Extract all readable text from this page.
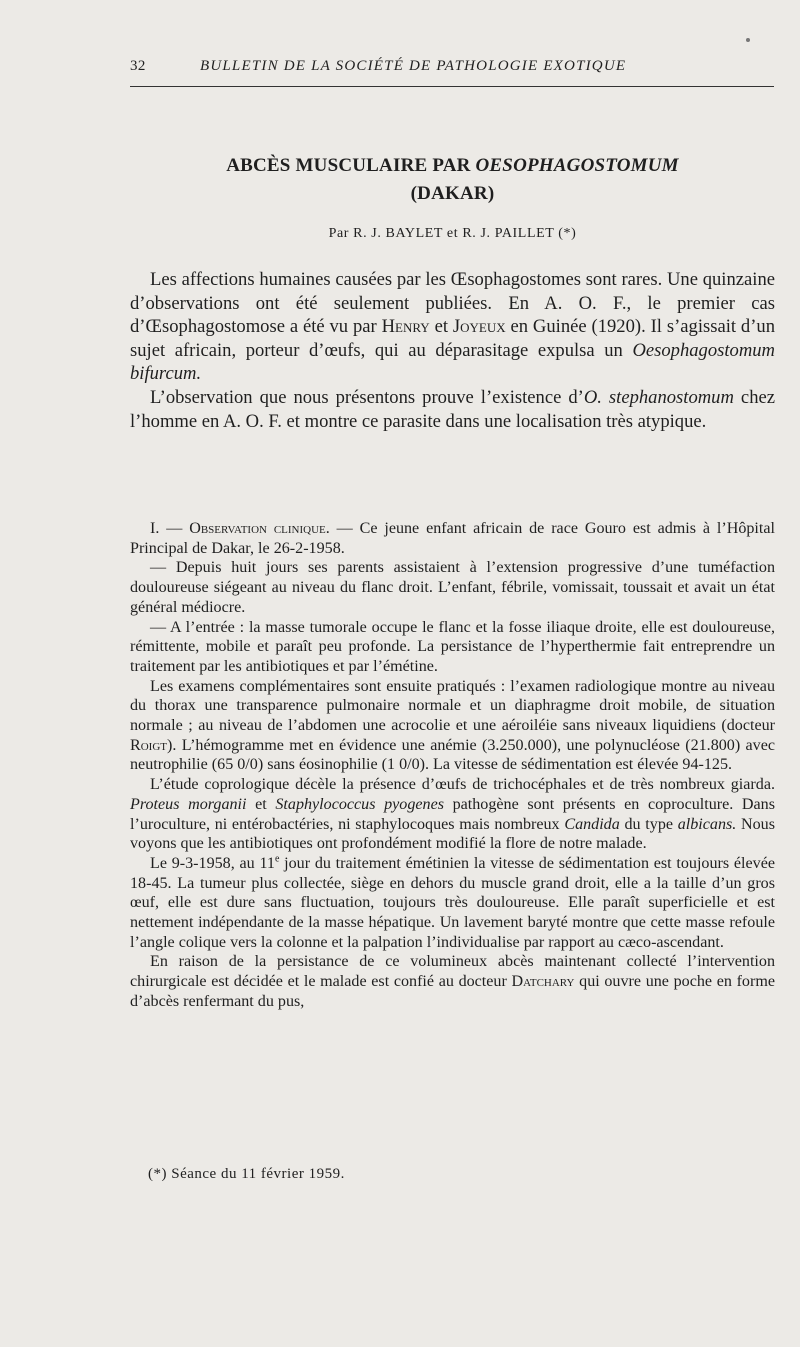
32	BULLETIN DE LA SOCIÉTÉ DE PATHOLOGIE EXOTIQUE
ABCÈS MUSCULAIRE PAR OESOPHAGOSTOMUM
(DAKAR)
Par R. J. BAYLET et R. J. PAILLET (*)

Les affections humaines causées par les Œsophagostomes sont rares. Une quinzaine d’observations ont été seulement publiées. En A. O. F., le premier cas d’Œsophagostomose a été vu par Henry et Joyeux en Guinée (1920). Il s’agissait d’un sujet africain, porteur d’œufs, qui au déparasitage expulsa un Oesophagostomum bifurcum.

L’observation que nous présentons prouve l’existence d’O. stephanostomum chez l’homme en A. O. F. et montre ce parasite dans une localisation très atypique.

I. — Observation clinique. — Ce jeune enfant africain de race Gouro est admis à l’Hôpital Principal de Dakar, le 26-2-1958.

— Depuis huit jours ses parents assistaient à l’extension progressive d’une tuméfaction douloureuse siégeant au niveau du flanc droit. L’enfant, fébrile, vomissait, toussait et avait un état général médiocre.

— A l’entrée : la masse tumorale occupe le flanc et la fosse iliaque droite, elle est douloureuse, rémittente, mobile et paraît peu profonde. La persistance de l’hyperthermie fait entreprendre un traitement par les antibiotiques et par l’émétine.

Les examens complémentaires sont ensuite pratiqués : l’examen radiologique montre au niveau du thorax une transparence pulmonaire normale et un diaphragme droit mobile, de situation normale ; au niveau de l’abdomen une acrocolie et une aéroiléie sans niveaux liquidiens (docteur Roigt). L’hémogramme met en évidence une anémie (3.250.000), une polynucléose (21.800) avec neutrophilie (65 0/0) sans éosinophilie (1 0/0). La vitesse de sédimentation est élevée 94-125.

L’étude coprologique décèle la présence d’œufs de trichocéphales et de très nombreux giarda. Proteus morganii et Staphylococcus pyogenes pathogène sont présents en coproculture. Dans l’uroculture, ni entérobactéries, ni staphylocoques mais nombreux Candida du type albicans. Nous voyons que les antibiotiques ont profondément modifié la flore de notre malade.

Le 9-3-1958, au 11e jour du traitement émétinien la vitesse de sédimentation est toujours élevée 18-45. La tumeur plus collectée, siège en dehors du muscle grand droit, elle a la taille d’un gros œuf, elle est dure sans fluctuation, toujours très douloureuse. Elle paraît superficielle et est nettement indépendante de la masse hépatique. Un lavement baryté montre que cette masse refoule l’angle colique vers la colonne et la palpation l’individualise par rapport au cæco-ascendant.

En raison de la persistance de ce volumineux abcès maintenant collecté l’intervention chirurgicale est décidée et le malade est confié au docteur Datchary qui ouvre une poche en forme d’abcès renfermant du pus,

(*) Séance du 11 février 1959.
